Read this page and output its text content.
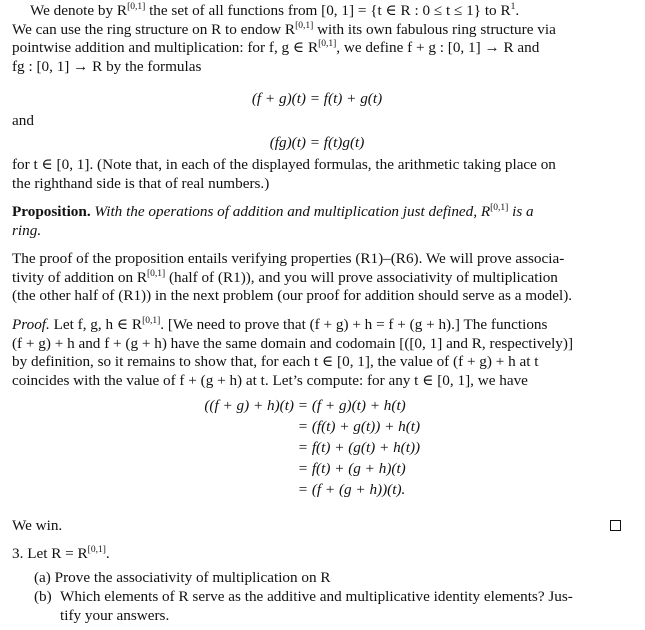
We denote by R[0,1] the set of all functions from [0, 1] = {t ∈ R : 0 ≤ t ≤ 1} to $R^1$.

We can use the ring structure on R to endow R[0,1] with its own fabulous ring structure via

pointwise addition and multiplication: for f, g ∈ R[0,1], we define f + g : [0, 1] → R and

fg : [0, 1] → R by the formulas

(f + g)(t) = f(t) + g(t)

and

(fg)(t) = f(t)g(t)

for t ∈ [0, 1]. (Note that, in each of the displayed formulas, the arithmetic taking place on

the righthand side is that of real numbers.)

Proposition. With the operations of addition and multiplication just defined, R[0,1] is a

ring.

The proof of the proposition entails verifying properties (R1)–(R6). We will prove associa-

tivity of addition on R[0,1] (half of (R1)), and you will prove associativity of multiplication

(the other half of (R1)) in the next problem (our proof for addition should serve as a model).

Proof. Let f, g, h ∈ R[0,1]. [We need to prove that (f + g) + h = f + (g + h).] The functions

(f + g) + h and f + (g + h) have the same domain and codomain [([0, 1] and R, respectively)]

by definition, so it remains to show that, for each t ∈ [0, 1], the value of (f + g) + h at t

coincides with the value of f + (g + h) at t. Let’s compute: for any t ∈ [0, 1], we have

((f + g) + h)(t) = (f + g)(t) + h(t)
= (f(t) + g(t)) + h(t)
= f(t) + (g(t) + h(t))
= f(t) + (g + h)(t)
= (f + (g + h))(t).

We win.

3. Let R = R[0,1].

(a) Prove the associativity of multiplication on R
(b) Which elements of R serve as the additive and multiplicative identity elements? Jus-
tify your answers.
